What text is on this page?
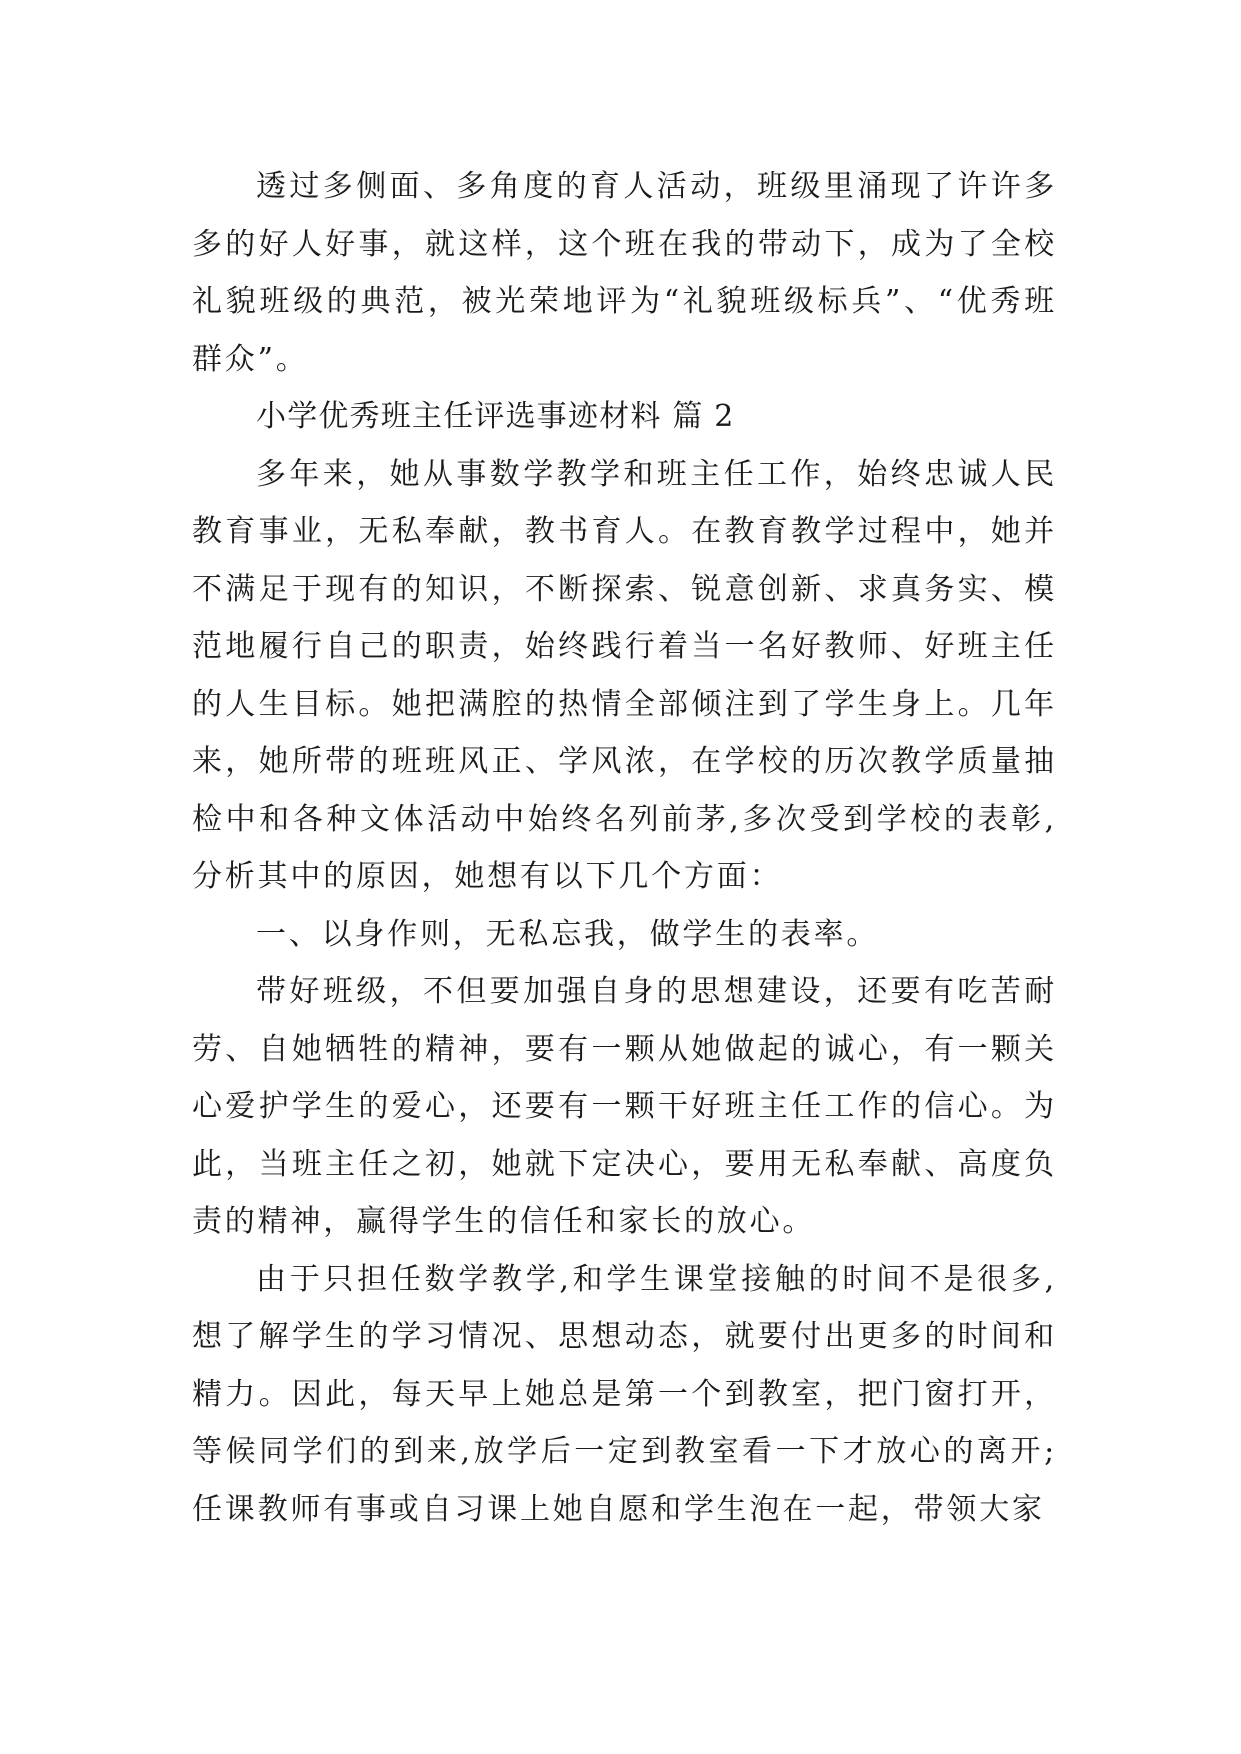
透过多侧面、多角度的育人活动，班级里涌现了许许多多的好人好事，就这样，这个班在我的带动下，成为了全校礼貌班级的典范，被光荣地评为“礼貌班级标兵”、“优秀班群众”。

小学优秀班主任评选事迹材料 篇 2

多年来，她从事数学教学和班主任工作，始终忠诚人民教育事业，无私奉献，教书育人。在教育教学过程中，她并不满足于现有的知识，不断探索、锐意创新、求真务实、模范地履行自己的职责，始终践行着当一名好教师、好班主任的人生目标。她把满腔的热情全部倾注到了学生身上。几年来，她所带的班班风正、学风浓，在学校的历次教学质量抽检中和各种文体活动中始终名列前茅,多次受到学校的表彰,分析其中的原因，她想有以下几个方面：

一、以身作则，无私忘我，做学生的表率。

带好班级，不但要加强自身的思想建设，还要有吃苦耐劳、自她牺牲的精神，要有一颗从她做起的诚心，有一颗关心爱护学生的爱心，还要有一颗干好班主任工作的信心。为此，当班主任之初，她就下定决心，要用无私奉献、高度负责的精神，赢得学生的信任和家长的放心。

由于只担任数学教学,和学生课堂接触的时间不是很多,想了解学生的学习情况、思想动态，就要付出更多的时间和精力。因此，每天早上她总是第一个到教室，把门窗打开，等候同学们的到来,放学后一定到教室看一下才放心的离开;任课教师有事或自习课上她自愿和学生泡在一起，带领大家
